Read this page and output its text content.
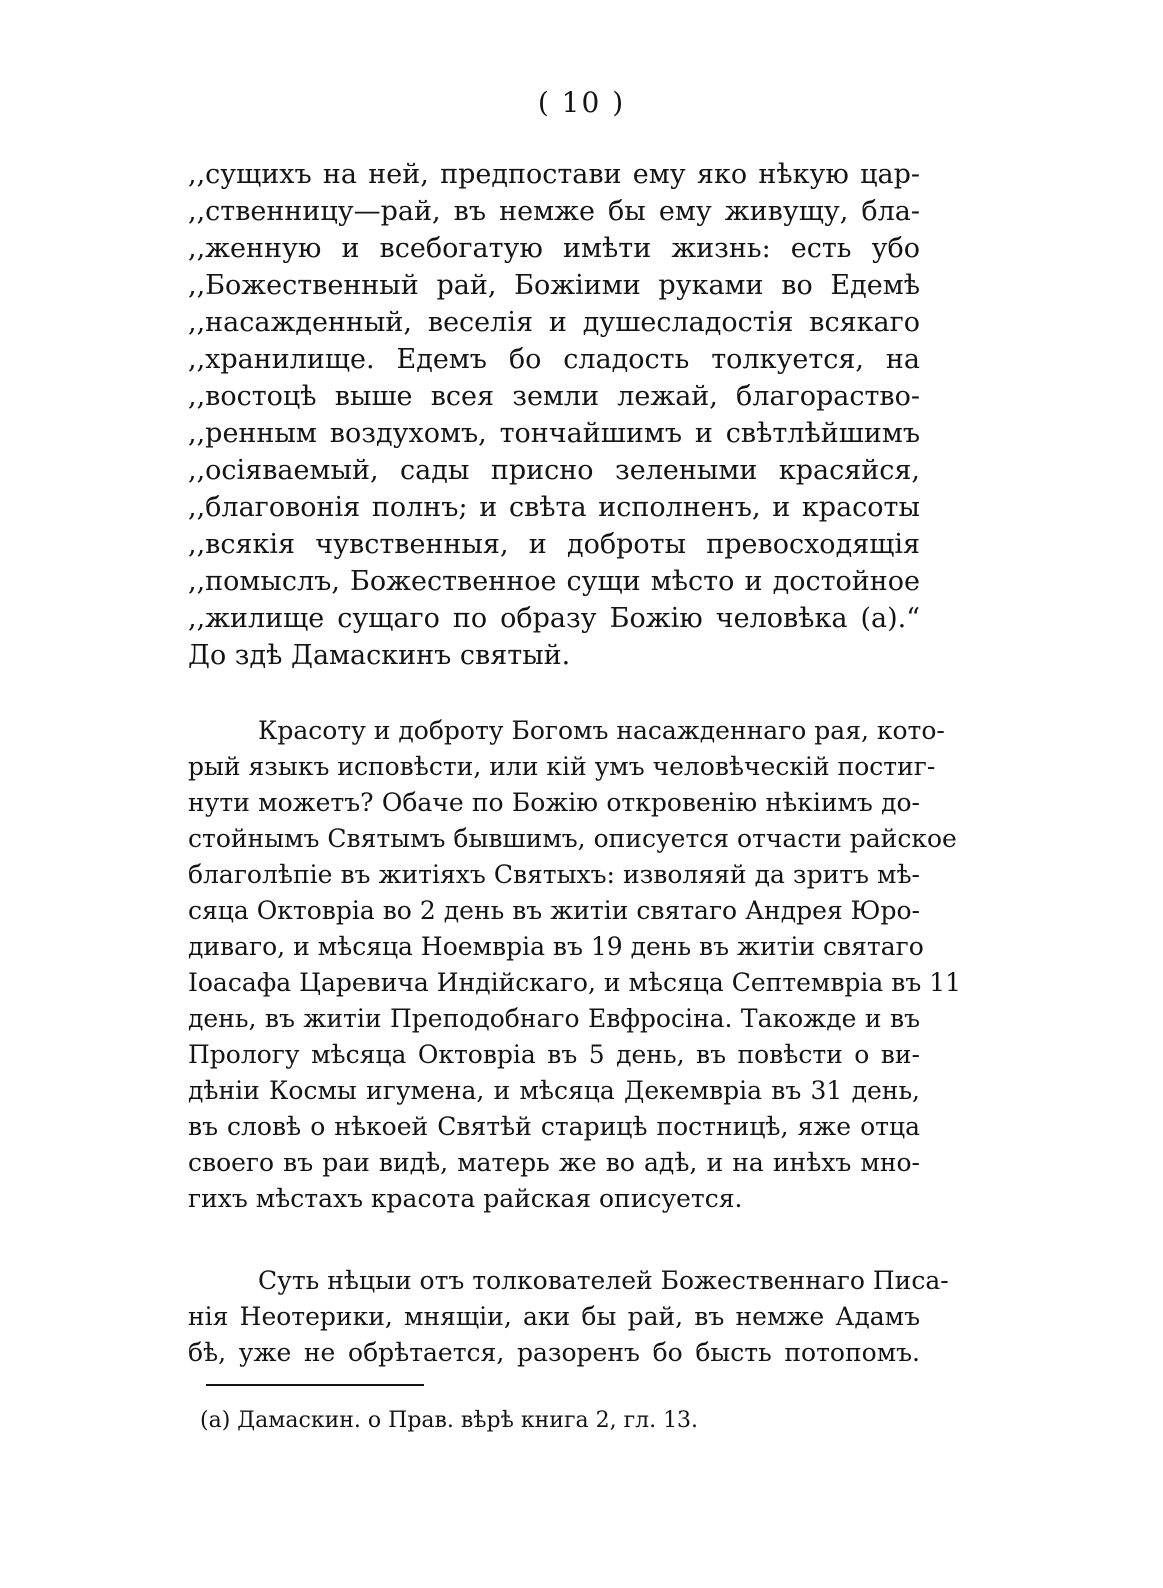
( 10 )
,,сущихъ на ней, предпостави ему яко нѣкую цар-
,,ственницу—рай, въ немже бы ему живущу, бла-
,,женную и всебогатую имѣти жизнь: есть убо
,,Божественный рай, Божіими руками во Едемѣ
,,насажденный, веселія и душесладостія всякаго
,,хранилище. Едемъ бо сладость толкуется, на
,,востоцѣ выше всея земли лежай, благораство-
,,ренным воздухомъ, тончайшимъ и свѣтлѣйшимъ
,,осіяваемый, сады присно зелеными красяйся,
,,благовонія полнъ; и свѣта исполненъ, и красоты
,,всякія чувственныя, и доброты превосходящія
,,помыслъ, Божественное сущи мѣсто и достойное
,,жилище сущаго по образу Божію человѣка (а).“
До здѣ Дамаскинъ святый.
Красоту и доброту Богомъ насажденнаго рая, кото-
рый языкъ исповѣсти, или кій умъ человѣческій постиг-
нути можетъ? Обаче по Божію откровенію нѣкіимъ до-
стойнымъ Святымъ бывшимъ, описуется отчасти райское
благолѣпіе въ житіяхъ Святыхъ: изволяяй да зритъ мѣ-
сяца Октовріа во 2 день въ житіи святаго Андрея Юро-
диваго, и мѣсяца Ноемвріа въ 19 день въ житіи святаго
Іоасафа Царевича Индійскаго, и мѣсяца Септемвріа въ 11
день, въ житіи Преподобнаго Евфросіна. Такожде и въ
Прологу мѣсяца Октовріа въ 5 день, въ повѣсти о ви-
дѣніи Космы игумена, и мѣсяца Декемвріа въ 31 день,
въ словѣ о нѣкоей Святѣй старицѣ постницѣ, яже отца
своего въ раи видѣ, матерь же во адѣ, и на инѣхъ мно-
гихъ мѣстахъ красота райская описуется.
Суть нѣцыи отъ толкователей Божественнаго Писа-
нія Неотерики, мнящіи, аки бы рай, въ немже Адамъ
бѣ, уже не обрѣтается, разоренъ бо бысть потопомъ.
(а) Дамаскин. о Прав. вѣрѣ книга 2, гл. 13.
